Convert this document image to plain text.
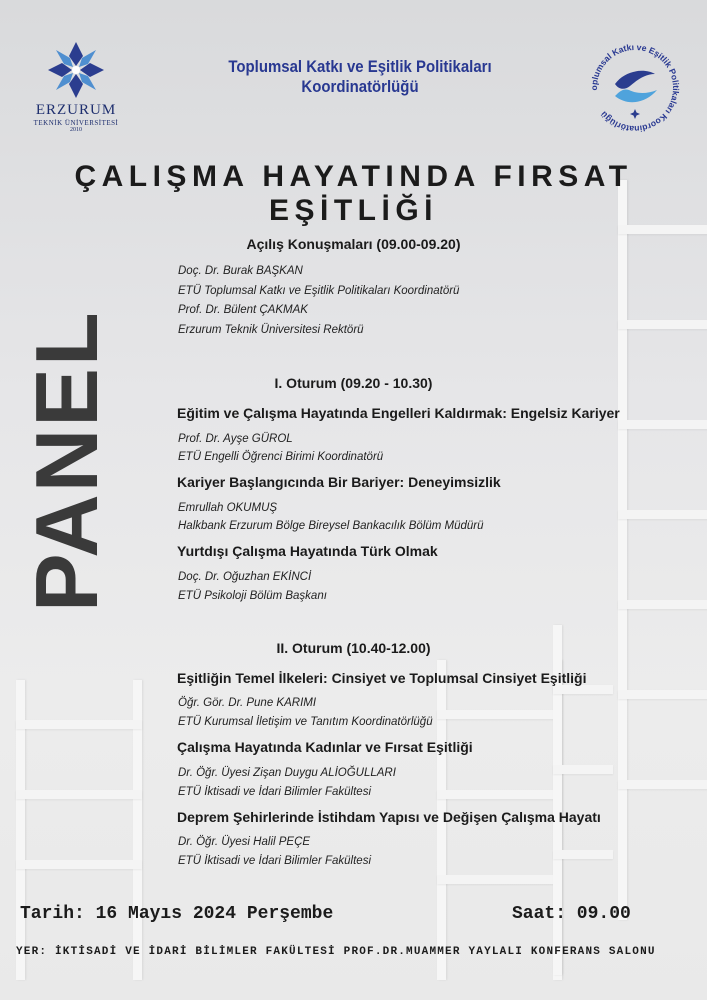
ERZURUM
TEKNİK ÜNİVERSİTESİ
2010
Toplumsal Katkı ve Eşitlik Politikaları Koordinatörlüğü	oplumsal Katkı ve Eşitlik Politikaları Koordinatörlüğü
ÇALIŞMA HAYATINDA FIRSAT EŞİTLİĞİ
PANEL
Açılış Konuşmaları (09.00-09.20)
Doç. Dr. Burak BAŞKAN
ETÜ Toplumsal Katkı ve Eşitlik Politikaları Koordinatörü
Prof. Dr. Bülent ÇAKMAK
Erzurum Teknik Üniversitesi Rektörü
I. Oturum (09.20 - 10.30)
Eğitim ve Çalışma Hayatında Engelleri Kaldırmak: Engelsiz Kariyer
Prof. Dr. Ayşe GÜROL
ETÜ Engelli Öğrenci Birimi Koordinatörü
Kariyer Başlangıcında Bir Bariyer: Deneyimsizlik
Emrullah OKUMUŞ
Halkbank Erzurum Bölge Bireysel Bankacılık Bölüm Müdürü
Yurtdışı Çalışma Hayatında Türk Olmak
Doç. Dr. Oğuzhan EKİNCİ
ETÜ Psikoloji Bölüm Başkanı
II. Oturum (10.40-12.00)
Eşitliğin Temel İlkeleri: Cinsiyet ve Toplumsal Cinsiyet Eşitliği
Öğr. Gör. Dr. Pune KARIMI
ETÜ Kurumsal İletişim ve Tanıtım Koordinatörlüğü
Çalışma Hayatında Kadınlar ve Fırsat Eşitliği
Dr. Öğr. Üyesi Zişan Duygu ALİOĞULLARI
ETÜ İktisadi ve İdari Bilimler Fakültesi
Deprem Şehirlerinde İstihdam Yapısı ve Değişen Çalışma Hayatı
Dr. Öğr. Üyesi Halil PEÇE
ETÜ İktisadi ve İdari Bilimler Fakültesi
Tarih: 16 Mayıs 2024 Perşembe	Saat: 09.00
YER: İKTİSADİ VE İDARİ BİLİMLER FAKÜLTESİ PROF.DR.MUAMMER YAYLALI KONFERANS SALONU
